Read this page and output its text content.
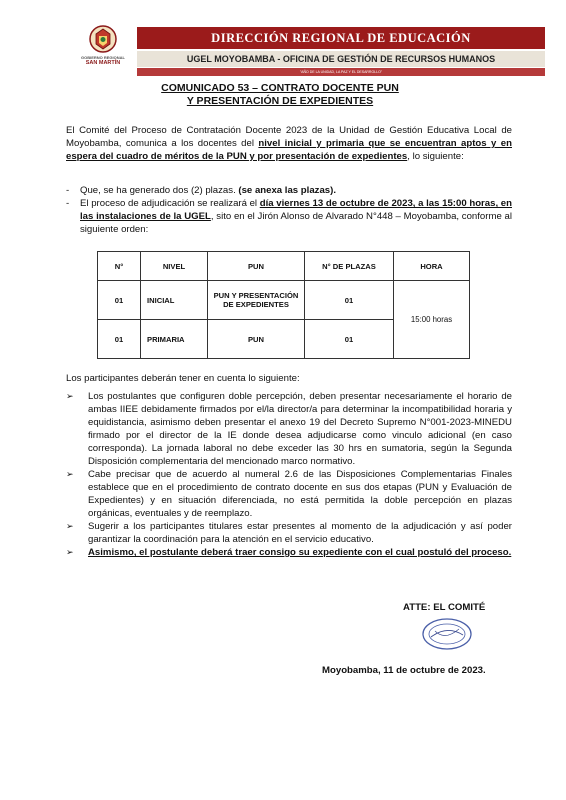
GOBIERNO REGIONAL
SAN MARTÍN
DIRECCIÓN REGIONAL DE EDUCACIÓN
UGEL MOYOBAMBA - OFICINA DE GESTIÓN DE RECURSOS HUMANOS
"AÑO DE LA UNIDAD, LA PAZ Y EL DESARROLLO"
COMUNICADO 53 – CONTRATO DOCENTE PUN
Y PRESENTACIÓN DE EXPEDIENTES
El Comité del Proceso de Contratación Docente 2023 de la Unidad de Gestión Educativa Local de Moyobamba, comunica a los docentes del nivel inicial y primaria que se encuentran aptos y en espera del cuadro de méritos de la PUN y por presentación de expedientes, lo siguiente:
-	Que, se ha generado dos (2) plazas. (se anexa las plazas).
-	El proceso de adjudicación se realizará el día viernes 13 de octubre de 2023, a las 15:00 horas, en las instalaciones de la UGEL, sito en el Jirón Alonso de Alvarado N°448 – Moyobamba, conforme al siguiente orden:
N°	NIVEL	PUN	N° DE PLAZAS	HORA
01	INICIAL	PUN Y PRESENTACIÓN DE EXPEDIENTES	01	15:00 horas
01	PRIMARIA	PUN	01	
Los participantes deberán tener en cuenta lo siguiente:
➢	Los postulantes que configuren doble percepción, deben presentar necesariamente el horario de ambas IIEE debidamente firmados por el/la director/a para determinar la incompatibilidad horaria y equidistancia, asimismo deben presentar el anexo 19 del Decreto Supremo N°001-2023-MINEDU firmado por el director de la IE donde desea adjudicarse como vinculo adicional (en caso corresponda). La jornada laboral no debe exceder las 30 hrs en sumatoria, según la Segunda Disposición complementaria del mencionado marco normativo.
➢	Cabe precisar que de acuerdo al numeral 2.6 de las Disposiciones Complementarias Finales establece que en el procedimiento de contrato docente en sus dos etapas (PUN y Evaluación de Expedientes) y en situación diferenciada, no está permitida la doble percepción en plazas orgánicas, eventuales y de reemplazo.
➢	Sugerir a los participantes titulares estar presentes al momento de la adjudicación y así poder garantizar la coordinación para la atención en el servicio educativo.
➢	Asimismo, el postulante deberá traer consigo su expediente con el cual postuló del proceso.
ATTE: EL COMITÉ
Moyobamba, 11 de octubre de 2023.
